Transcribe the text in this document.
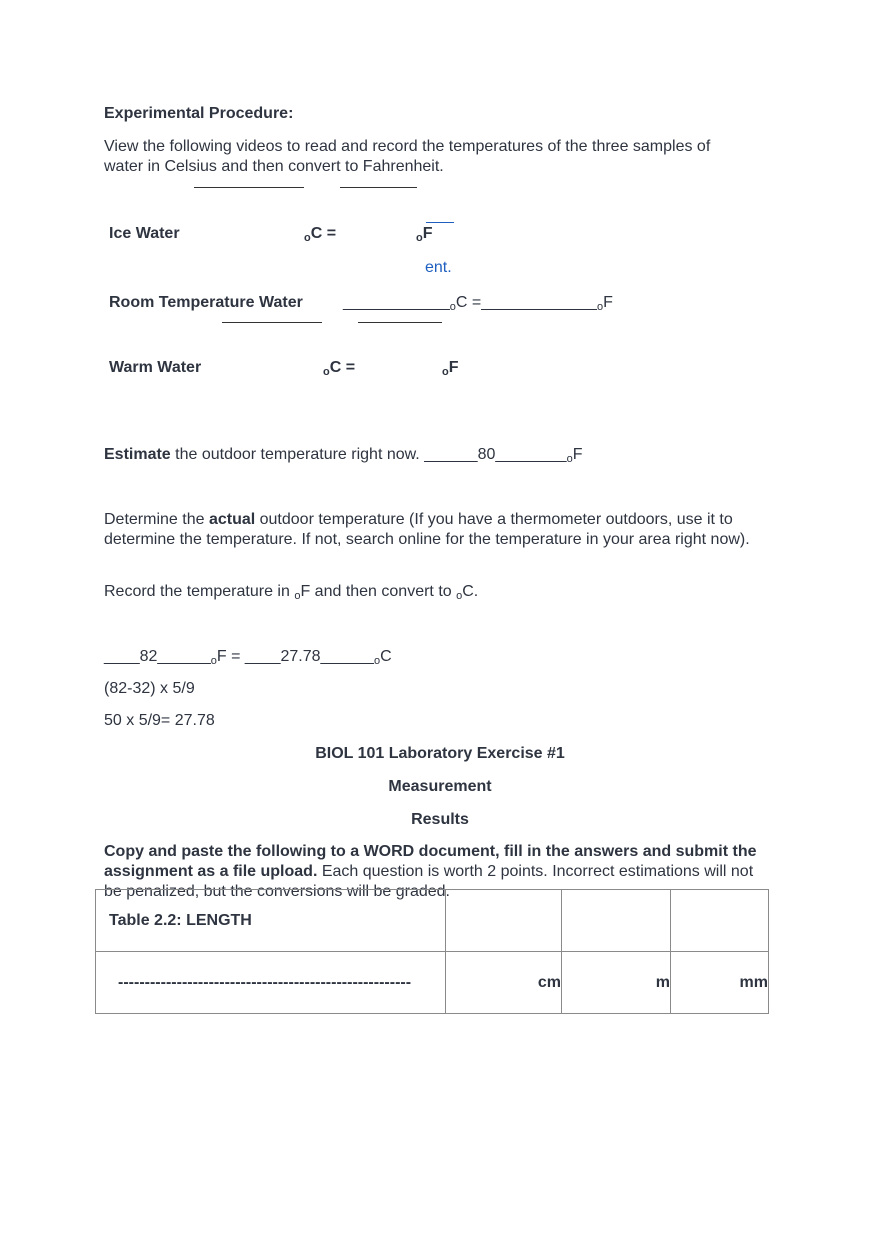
Experimental Procedure:
View the following videos to read and record the temperatures of the three samples of
water in Celsius and then convert to Fahrenheit.
Ice Water	oC =	oF
ent.
Room Temperature Water	____________oC =_____________oF
Warm Water	oC =	oF
Estimate the outdoor temperature right now. ______80________oF
Determine the actual outdoor temperature (If you have a thermometer outdoors, use it to determine the temperature. If not, search online for the temperature in your area right now).
Record the temperature in oF and then convert to oC.
____82______oF = ____27.78______oC
(82-32) x 5/9
50 x 5/9= 27.78
BIOL 101 Laboratory Exercise #1
Measurement
Results
Copy and paste the following to a WORD document, fill in the answers and submit the assignment as a file upload. Each question is worth 2 points. Incorrect estimations will not be penalized, but the conversions will be graded.
Table 2.2: LENGTH			

-------------------------------------------------------	cm	m	mm
